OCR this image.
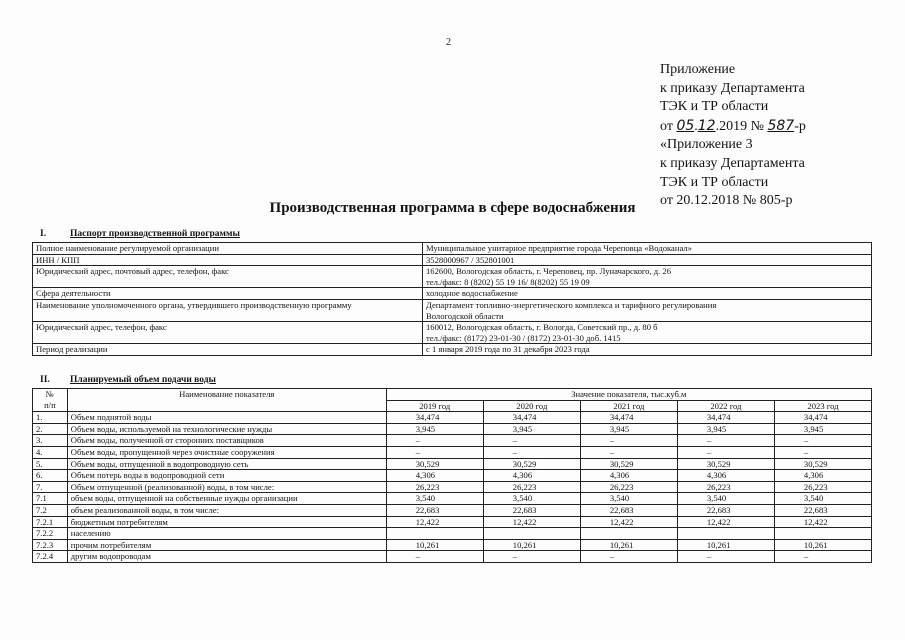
2
Приложение
к приказу Департамента
ТЭК и ТР области
от 05.12.2019 № 587-р
«Приложение 3
к приказу Департамента
ТЭК и ТР области
от 20.12.2018 № 805-р
Производственная программа в сфере водоснабжения
I.	Паспорт производственной программы
Полное наименование регулируемой организации	Муниципальное унитарное предприятие города Череповца «Водоканал»

ИНН / КПП	3528000967 / 352801001

Юридический адрес, почтовый адрес, телефон, факс	162600, Вологодская область, г. Череповец, пр. Луначарского, д. 26
тел./факс: 8 (8202) 55 19 16/ 8(8202) 55 19 09

Сфера деятельности	холодное водоснабжение

Наименование уполномоченного органа, утвердившего производственную программу	Департамент топливно-энергетического комплекса и тарифного регулирования
Вологодской области

Юридический адрес, телефон, факс	160012, Вологодская область, г. Вологда, Советский пр., д. 80 б
тел./факс: (8172) 23-01-30 / (8172) 23-01-30 доб. 1415

Период реализации	с 1 января 2019 года по 31 декабря 2023 года
II. Планируемый объем подачи воды
№
п/п	Наименование показателя	Значение показателя, тыс.куб.м				
		2019 год	2020 год	2021 год	2022 год	2023 год
1.	Объем поднятой воды	34,474	34,474	34,474	34,474	34,474

2.	Объем воды, используемой на технологические нужды	3,945	3,945	3,945	3,945	3,945

3.	Объем воды, полученной от сторонних поставщиков	–	–	–	–	–

4.	Объем воды, пропущенной через очистные сооружения	–	–	–	–	–

5.	Объем воды, отпущенной в водопроводную сеть	30,529	30,529	30,529	30,529	30,529

6.	Объем потерь воды в водопроводной сети	4,306	4,306	4,306	4,306	4,306

7.	Объем отпущенной (реализованной) воды, в том числе:	26,223	26,223	26,223	26,223	26,223

7.1	объем воды, отпущенной на собственные нужды организации	3,540	3,540	3,540	3,540	3,540

7.2	объем реализованной воды, в том числе:	22,683	22,683	22,683	22,683	22,683

7.2.1	бюджетным потребителям	12,422	12,422	12,422	12,422	12,422

7.2.2	населению	

7.2.3	прочим потребителям	10,261	10,261	10,261	10,261	10,261

7.2.4	другим водопроводам	–	–	–	–	–
